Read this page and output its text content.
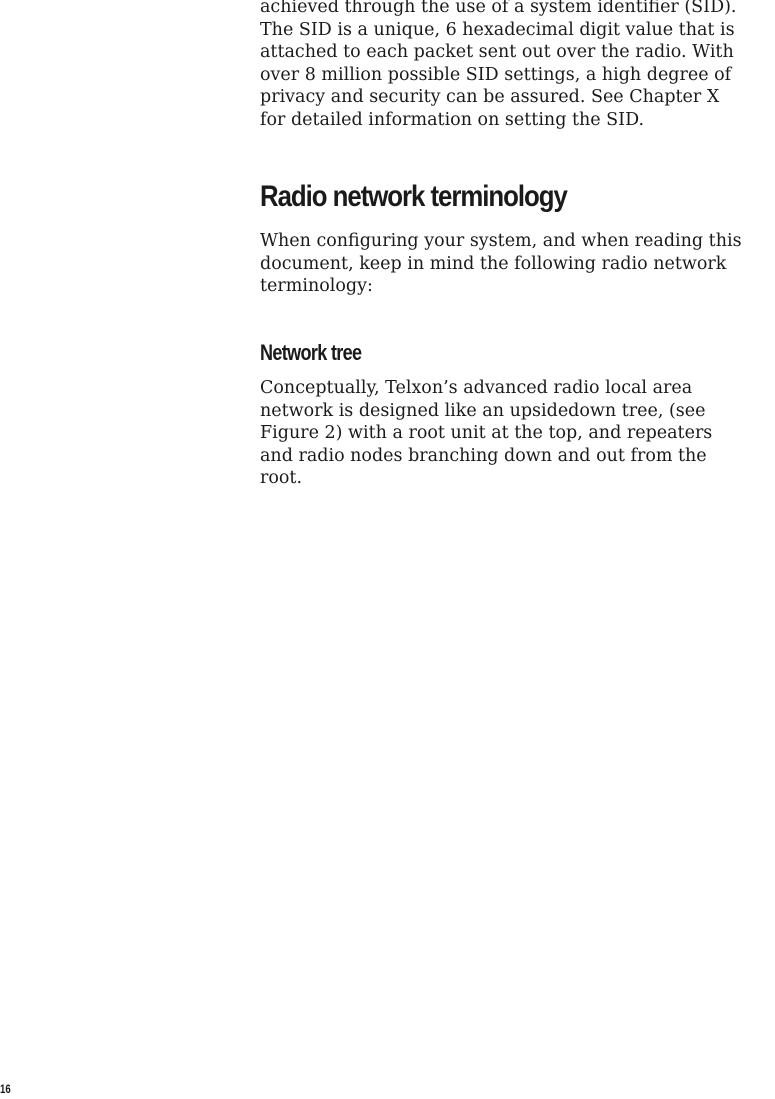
achieved through the use of a system identifier (SID).
The SID is a unique, 6 hexadecimal digit value that is
attached to each packet sent out over the radio. With
over 8 million possible SID settings, a high degree of
privacy and security can be assured. See Chapter X
for detailed information on setting the SID.

Radio network terminology

When configuring your system, and when reading this
document, keep in mind the following radio network
terminology:

Network tree

Conceptually, Telxon’s advanced radio local area
network is designed like an upsidedown tree, (see
Figure 2) with a root unit at the top, and repeaters
and radio nodes branching down and out from the
root.

16
